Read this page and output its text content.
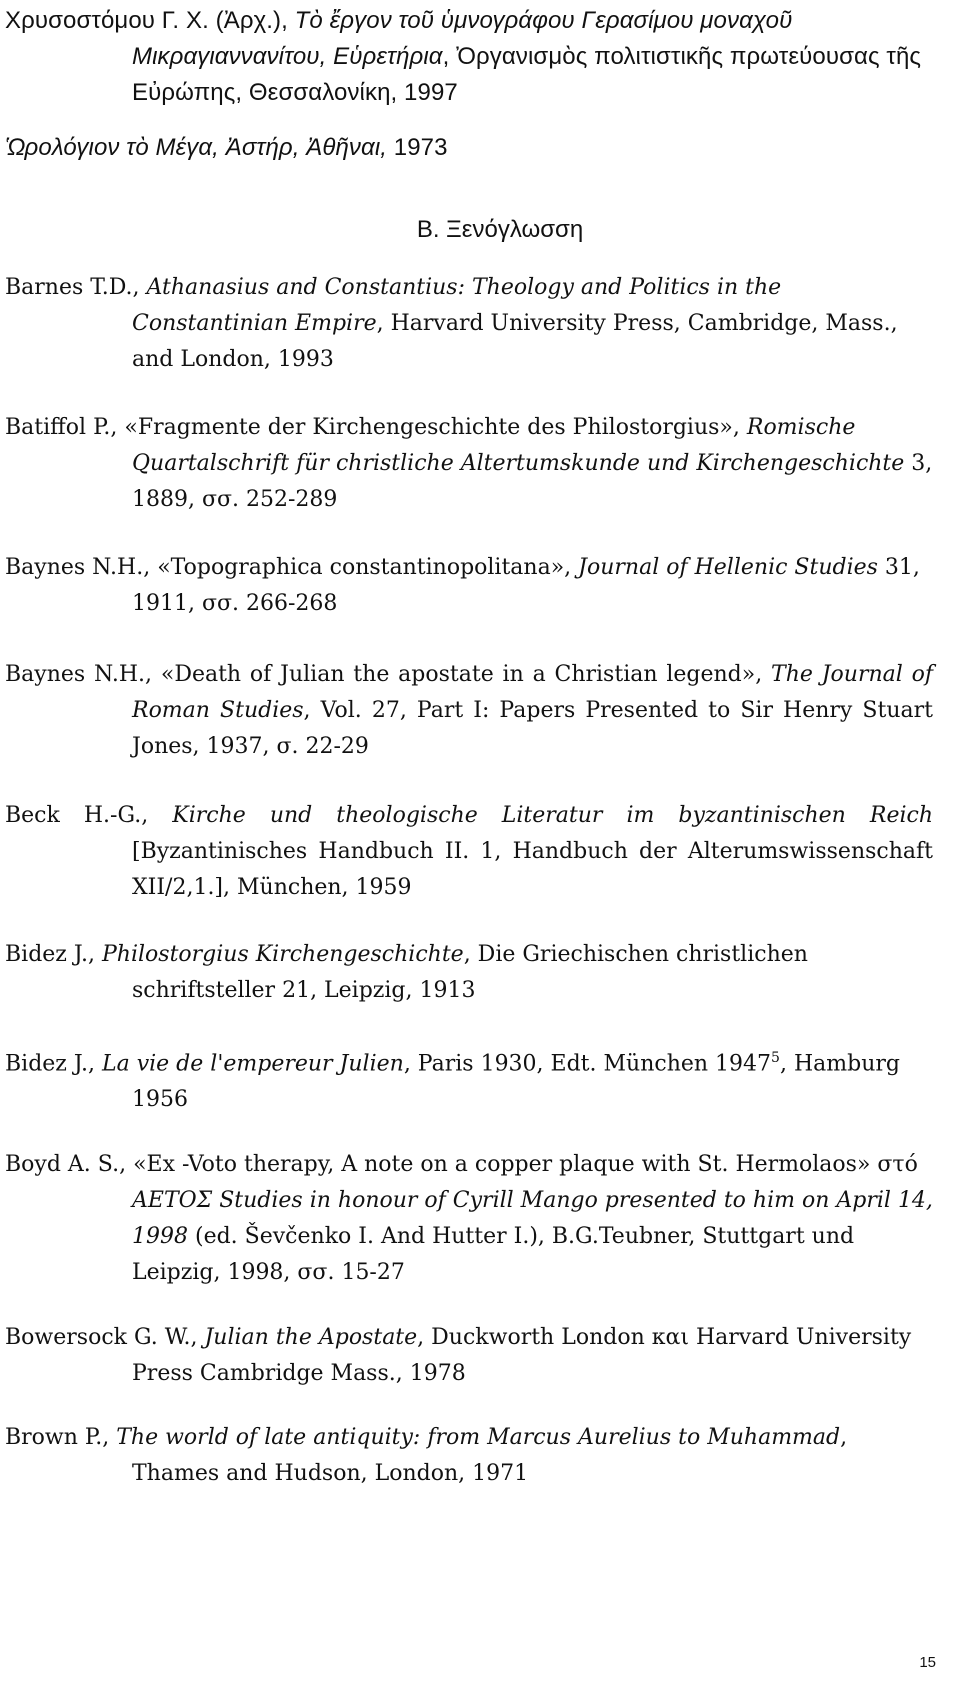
Χρυσοστόμου Γ. Χ. (Ἀρχ.), Τὸ ἔργον τοῦ ὑμνογράφου Γερασίμου μοναχοῦ Μικραγιαννανίτου, Εὑρετήρια, Ὀργανισμὸς πολιτιστικῆς πρωτεύουσας τῆς Εὐρώπης, Θεσσαλονίκη, 1997
Ὡρολόγιον τὸ Μέγα, Ἀστήρ, Ἀθῆναι, 1973
Β. Ξενόγλωσση
Barnes T.D., Athanasius and Constantius: Theology and Politics in the Constantinian Empire, Harvard University Press, Cambridge, Mass., and London, 1993
Batiffol P., «Fragmente der Kirchengeschichte des Philostorgius», Romische Quartalschrift für christliche Altertumskunde und Kirchengeschichte 3, 1889, σσ. 252-289
Baynes N.H., «Topographica constantinopolitana», Journal of Hellenic Studies 31, 1911, σσ. 266-268
Baynes N.H., «Death of Julian the apostate in a Christian legend», The Journal of Roman Studies, Vol. 27, Part I: Papers Presented to Sir Henry Stuart Jones, 1937, σ. 22-29
Beck H.-G., Kirche und theologische Literatur im byzantinischen Reich [Byzantinisches Handbuch II. 1, Handbuch der Alterumswissenschaft XII/2,1.], München, 1959
Bidez J., Philostorgius Kirchengeschichte, Die Griechischen christlichen schriftsteller 21, Leipzig, 1913
Bidez J., La vie de l'empereur Julien, Paris 1930, Edt. München 1947$^5$, Hamburg 1956
Boyd A. S., «Ex -Voto therapy, A note on a copper plaque with St. Hermolaos» στό ΑΕΤΟΣ Studies in honour of Cyrill Mango presented to him on April 14, 1998 (ed. Ševčenko I. And Hutter I.), B.G.Teubner, Stuttgart und Leipzig, 1998, σσ. 15-27
Bowersock G. W., Julian the Apostate, Duckworth London και Harvard University Press Cambridge Mass., 1978
Brown P., The world of late antiquity: from Marcus Aurelius to Muhammad, Thames and Hudson, London, 1971
15
